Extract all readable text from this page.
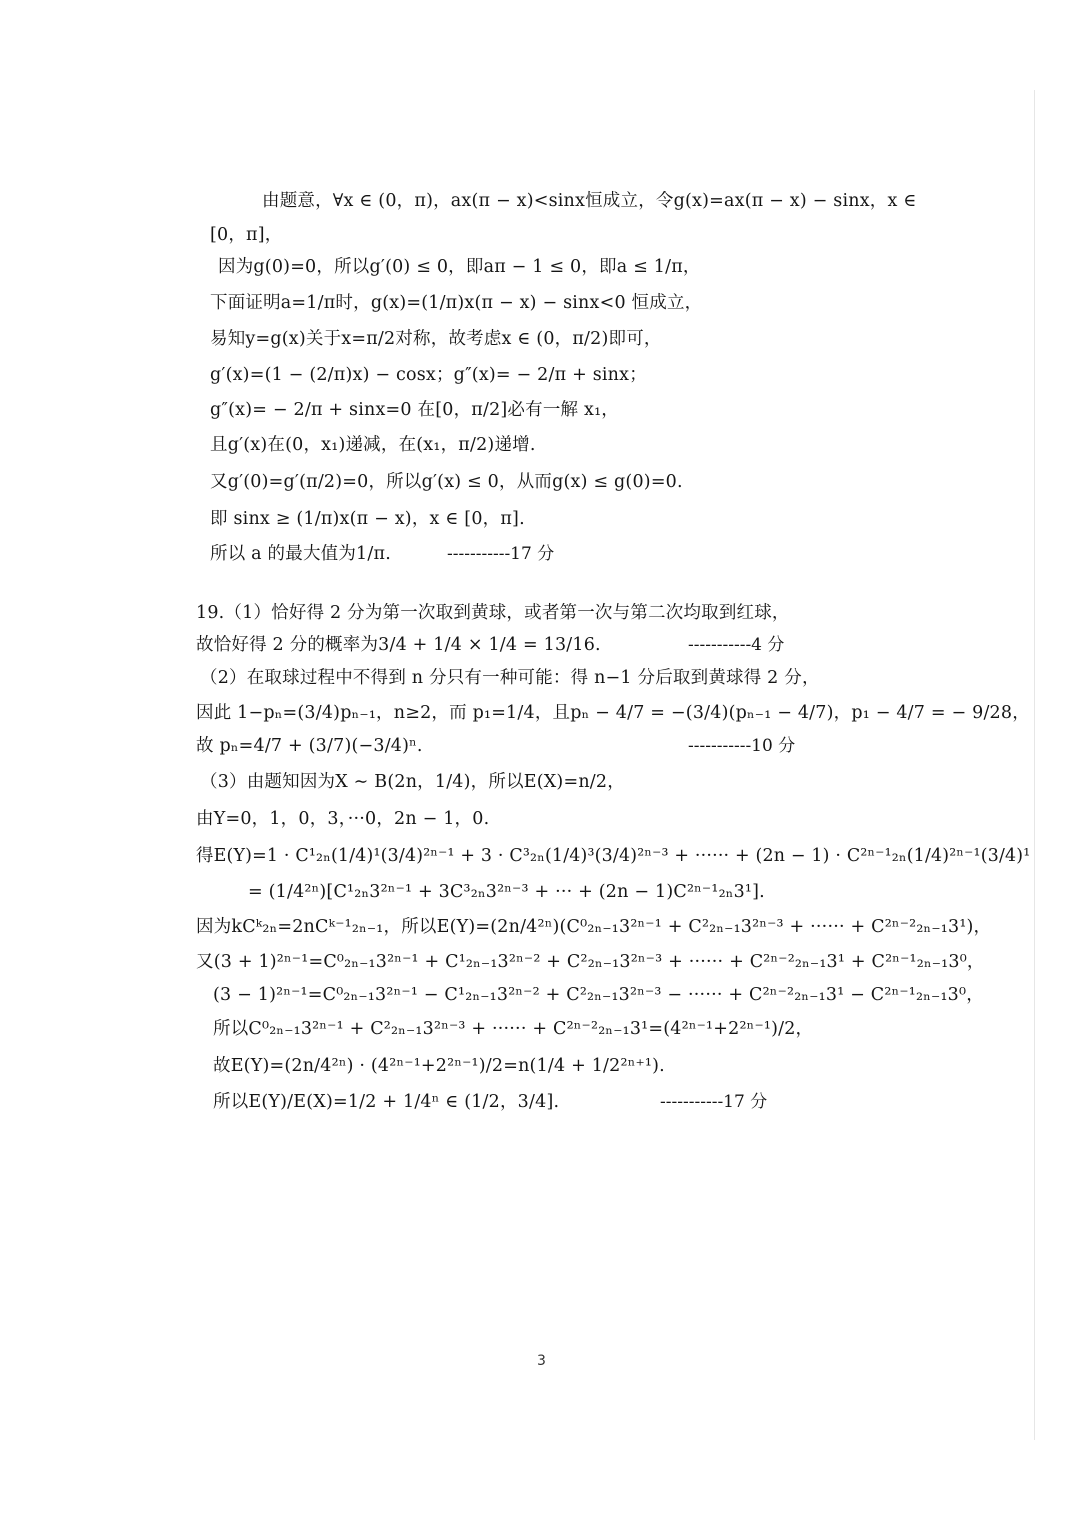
由题意，∀x ∈ (0，π)，ax(π − x)<sinx恒成立，令g(x)=ax(π − x) − sinx，x ∈
[0，π]，
因为g(0)=0，所以g′(0) ≤ 0，即aπ − 1 ≤ 0，即a ≤ 1/π，
下面证明a=1/π时，g(x)=(1/π)x(π − x) − sinx<0 恒成立，
易知y=g(x)关于x=π/2对称，故考虑x ∈ (0，π/2)即可，
g′(x)=(1 − (2/π)x) − cosx；g″(x)= − 2/π + sinx；
g″(x)= − 2/π + sinx=0 在[0，π/2]必有一解 x₁，
且g′(x)在(0，x₁)递减，在(x₁，π/2)递增.
又g′(0)=g′(π/2)=0，所以g′(x) ≤ 0，从而g(x) ≤ g(0)=0.
即 sinx ≥ (1/π)x(π − x)，x ∈ [0，π].
所以 a 的最大值为1/π.	-----------17 分
19.（1）恰好得 2 分为第一次取到黄球，或者第一次与第二次均取到红球，
故恰好得 2 分的概率为3/4 + 1/4 × 1/4 = 13/16.	-----------4 分
（2）在取球过程中不得到 n 分只有一种可能：得 n−1 分后取到黄球得 2 分，
因此 1−pₙ=(3/4)pₙ₋₁，n≥2，而 p₁=1/4，且pₙ − 4/7 = −(3/4)(pₙ₋₁ − 4/7)，p₁ − 4/7 = − 9/28，
故 pₙ=4/7 + (3/7)(−3/4)ⁿ.	-----------10 分
（3）由题知因为X ∼ B(2n，1/4)，所以E(X)=n/2，
由Y=0，1，0，3，···0，2n − 1，0.
得E(Y)=1 · C¹₂ₙ(1/4)¹(3/4)²ⁿ⁻¹ + 3 · C³₂ₙ(1/4)³(3/4)²ⁿ⁻³ + ······ + (2n − 1) · C²ⁿ⁻¹₂ₙ(1/4)²ⁿ⁻¹(3/4)¹
= (1/4²ⁿ)[C¹₂ₙ3²ⁿ⁻¹ + 3C³₂ₙ3²ⁿ⁻³ + ··· + (2n − 1)C²ⁿ⁻¹₂ₙ3¹].
因为kCᵏ₂ₙ=2nCᵏ⁻¹₂ₙ₋₁，所以E(Y)=(2n/4²ⁿ)(C⁰₂ₙ₋₁3²ⁿ⁻¹ + C²₂ₙ₋₁3²ⁿ⁻³ + ······ + C²ⁿ⁻²₂ₙ₋₁3¹)，
又(3 + 1)²ⁿ⁻¹=C⁰₂ₙ₋₁3²ⁿ⁻¹ + C¹₂ₙ₋₁3²ⁿ⁻² + C²₂ₙ₋₁3²ⁿ⁻³ + ······ + C²ⁿ⁻²₂ₙ₋₁3¹ + C²ⁿ⁻¹₂ₙ₋₁3⁰，
(3 − 1)²ⁿ⁻¹=C⁰₂ₙ₋₁3²ⁿ⁻¹ − C¹₂ₙ₋₁3²ⁿ⁻² + C²₂ₙ₋₁3²ⁿ⁻³ − ······ + C²ⁿ⁻²₂ₙ₋₁3¹ − C²ⁿ⁻¹₂ₙ₋₁3⁰，
所以C⁰₂ₙ₋₁3²ⁿ⁻¹ + C²₂ₙ₋₁3²ⁿ⁻³ + ······ + C²ⁿ⁻²₂ₙ₋₁3¹=(4²ⁿ⁻¹+2²ⁿ⁻¹)/2，
故E(Y)=(2n/4²ⁿ) · (4²ⁿ⁻¹+2²ⁿ⁻¹)/2=n(1/4 + 1/2²ⁿ⁺¹).
所以E(Y)/E(X)=1/2 + 1/4ⁿ ∈ (1/2，3/4].	-----------17 分
3
